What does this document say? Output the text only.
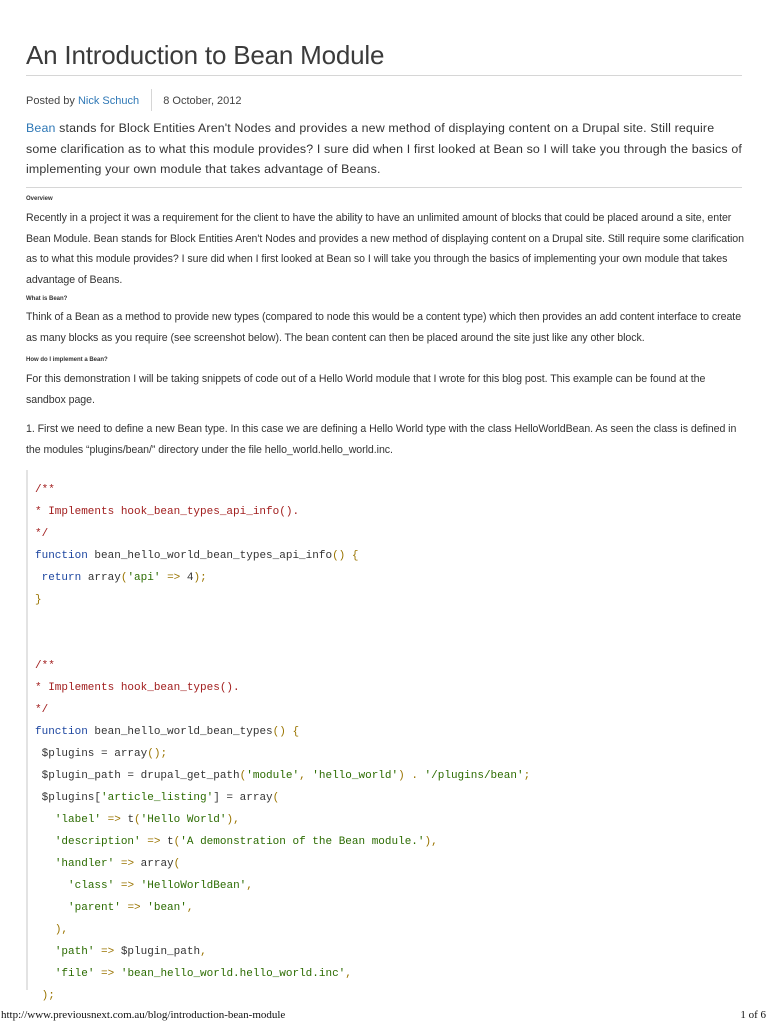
An Introduction to Bean Module
Posted by Nick Schuch 8 October, 2012

Bean stands for Block Entities Aren't Nodes and provides a new method of displaying content on a Drupal site. Still require some clarification as to what this module provides? I sure did when I first looked at Bean so I will take you through the basics of implementing your own module that takes advantage of Beans.

Overview

Recently in a project it was a requirement for the client to have the ability to have an unlimited amount of blocks that could be placed around a site, enter Bean Module. Bean stands for Block Entities Aren't Nodes and provides a new method of displaying content on a Drupal site. Still require some clarification as to what this module provides? I sure did when I first looked at Bean so I will take you through the basics of implementing your own module that takes advantage of Beans.

What is Bean?

Think of a Bean as a method to provide new types (compared to node this would be a content type) which then provides an add content interface to create as many blocks as you require (see screenshot below). The bean content can then be placed around the site just like any other block.

How do I implement a Bean?

For this demonstration I will be taking snippets of code out of a Hello World module that I wrote for this blog post. This example can be found at the sandbox page.

1. First we need to define a new Bean type. In this case we are defining a Hello World type with the class HelloWorldBean. As seen the class is defined in the modules “plugins/bean/” directory under the file hello_world.hello_world.inc.

/**
* Implements hook_bean_types_api_info().
*/
function bean_hello_world_bean_types_api_info() {
return array('api' => 4);
}

/**
* Implements hook_bean_types().
*/
function bean_hello_world_bean_types() {
$plugins = array();
$plugin_path = drupal_get_path('module', 'hello_world') . '/plugins/bean';
$plugins['article_listing'] = array(
'label' => t('Hello World'),
'description' => t('A demonstration of the Bean module.'),
'handler' => array(
'class' => 'HelloWorldBean',
'parent' => 'bean',
),
'path' => $plugin_path,
'file' => 'bean_hello_world.hello_world.inc',
);
http://www.previousnext.com.au/blog/introduction-bean-module	1 of 6
